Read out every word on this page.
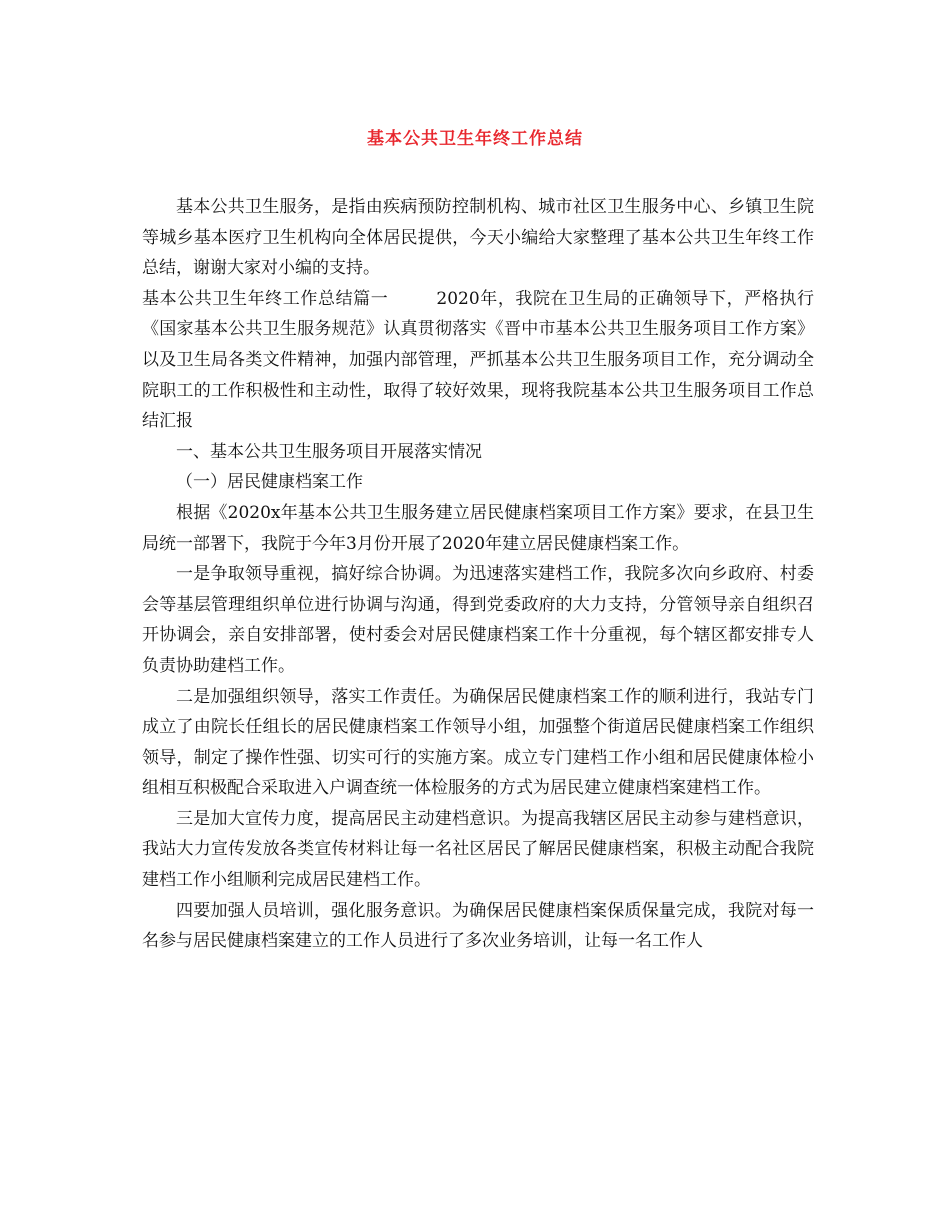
基本公共卫生年终工作总结

基本公共卫生服务，是指由疾病预防控制机构、城市社区卫生服务中心、乡镇卫生院等城乡基本医疗卫生机构向全体居民提供，今天小编给大家整理了基本公共卫生年终工作总结，谢谢大家对小编的支持。

基本公共卫生年终工作总结篇一	2020年，我院在卫生局的正确领导下，严格执行《国家基本公共卫生服务规范》认真贯彻落实《晋中市基本公共卫生服务项目工作方案》以及卫生局各类文件精神，加强内部管理，严抓基本公共卫生服务项目工作，充分调动全院职工的工作积极性和主动性，取得了较好效果，现将我院基本公共卫生服务项目工作总结汇报

一、基本公共卫生服务项目开展落实情况

（一）居民健康档案工作

根据《2020x年基本公共卫生服务建立居民健康档案项目工作方案》要求，在县卫生局统一部署下，我院于今年3月份开展了2020年建立居民健康档案工作。

一是争取领导重视，搞好综合协调。为迅速落实建档工作，我院多次向乡政府、村委会等基层管理组织单位进行协调与沟通，得到党委政府的大力支持，分管领导亲自组织召开协调会，亲自安排部署，使村委会对居民健康档案工作十分重视，每个辖区都安排专人负责协助建档工作。

二是加强组织领导，落实工作责任。为确保居民健康档案工作的顺利进行，我站专门成立了由院长任组长的居民健康档案工作领导小组，加强整个街道居民健康档案工作组织领导，制定了操作性强、切实可行的实施方案。成立专门建档工作小组和居民健康体检小组相互积极配合采取进入户调查统一体检服务的方式为居民建立健康档案建档工作。

三是加大宣传力度，提高居民主动建档意识。为提高我辖区居民主动参与建档意识，我站大力宣传发放各类宣传材料让每一名社区居民了解居民健康档案，积极主动配合我院建档工作小组顺利完成居民建档工作。

四要加强人员培训，强化服务意识。为确保居民健康档案保质保量完成，我院对每一名参与居民健康档案建立的工作人员进行了多次业务培训，让每一名工作人
